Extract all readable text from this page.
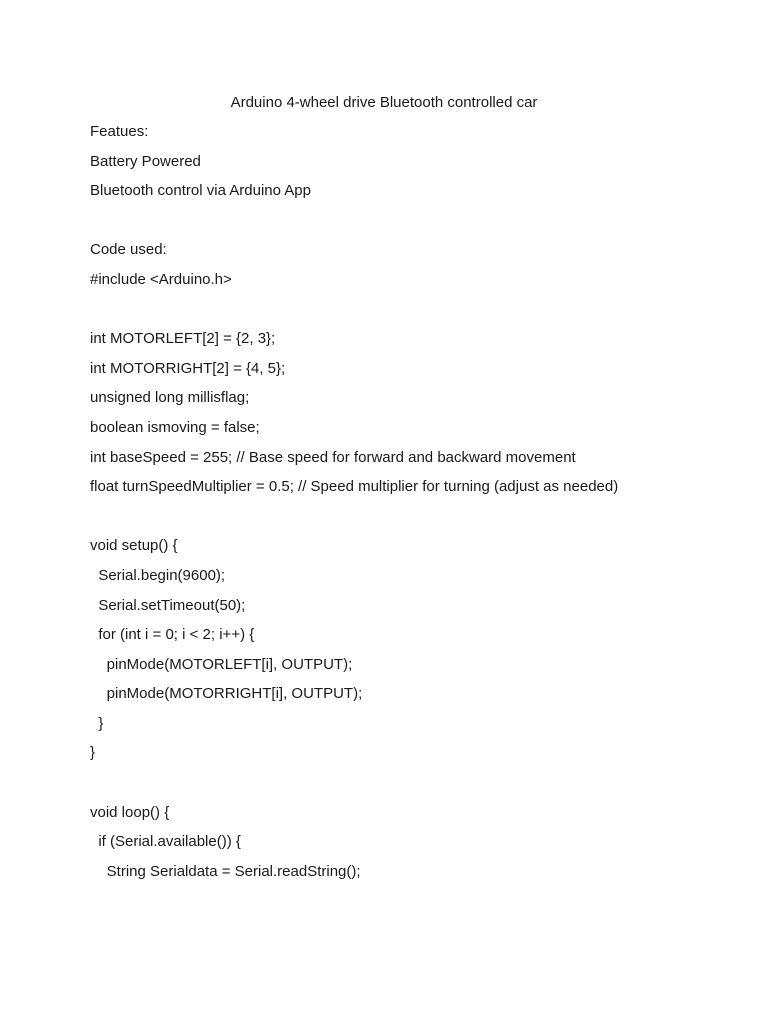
Arduino 4-wheel drive Bluetooth controlled car
Featues:
Battery Powered
Bluetooth control via Arduino App
Code used:
#include <Arduino.h>
int MOTORLEFT[2] = {2, 3};
int MOTORRIGHT[2] = {4, 5};
unsigned long millisflag;
boolean ismoving = false;
int baseSpeed = 255; // Base speed for forward and backward movement
float turnSpeedMultiplier = 0.5; // Speed multiplier for turning (adjust as needed)
void setup() {
Serial.begin(9600);
Serial.setTimeout(50);
for (int i = 0; i < 2; i++) {
pinMode(MOTORLEFT[i], OUTPUT);
pinMode(MOTORRIGHT[i], OUTPUT);
}
}
void loop() {
if (Serial.available()) {
String Serialdata = Serial.readString();
